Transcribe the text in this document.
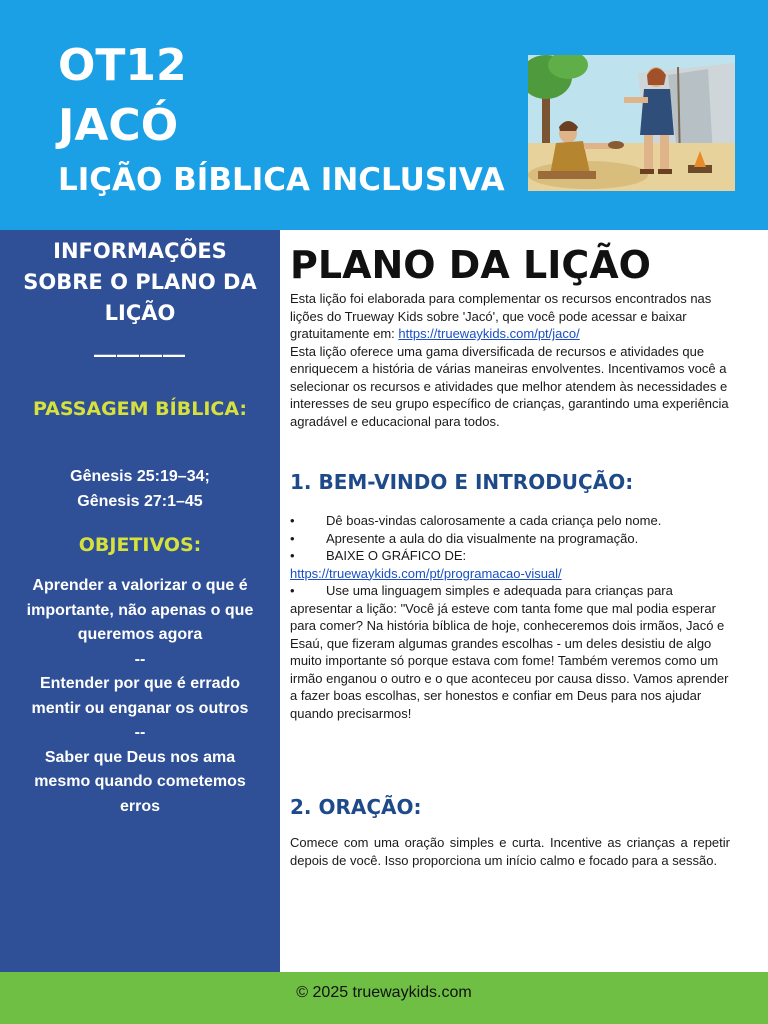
OT12
JACÓ
LIÇÃO BÍBLICA INCLUSIVA
INFORMAÇÕES SOBRE O PLANO DA LIÇÃO
————
PASSAGEM BÍBLICA:
Gênesis 25:19–34;
Gênesis 27:1–45
OBJETIVOS:
Aprender a valorizar o que é importante, não apenas o que queremos agora
--
Entender por que é errado mentir ou enganar os outros
--
Saber que Deus nos ama mesmo quando cometemos erros
PLANO DA LIÇÃO
Esta lição foi elaborada para complementar os recursos encontrados nas lições do Trueway Kids sobre 'Jacó', que você pode acessar e baixar gratuitamente em: https://truewaykids.com/pt/jaco/
Esta lição oferece uma gama diversificada de recursos e atividades que enriquecem a história de várias maneiras envolventes. Incentivamos você a selecionar os recursos e atividades que melhor atendem às necessidades e interesses de seu grupo específico de crianças, garantindo uma experiência agradável e educacional para todos.
1. BEM-VINDO E INTRODUÇÃO:
•	Dê boas-vindas calorosamente a cada criança pelo nome.
•	Apresente a aula do dia visualmente na programação.
•	BAIXE O GRÁFICO DE:
https://truewaykids.com/pt/programacao-visual/
•	Use uma linguagem simples e adequada para crianças para apresentar a lição: "Você já esteve com tanta fome que mal podia esperar para comer? Na história bíblica de hoje, conheceremos dois irmãos, Jacó e Esaú, que fizeram algumas grandes escolhas - um deles desistiu de algo muito importante só porque estava com fome! Também veremos como um irmão enganou o outro e o que aconteceu por causa disso. Vamos aprender a fazer boas escolhas, ser honestos e confiar em Deus para nos ajudar quando precisarmos!
2. ORAÇÃO:
Comece com uma oração simples e curta. Incentive as crianças a repetir depois de você. Isso proporciona um início calmo e focado para a sessão.
© 2025 truewaykids.com
